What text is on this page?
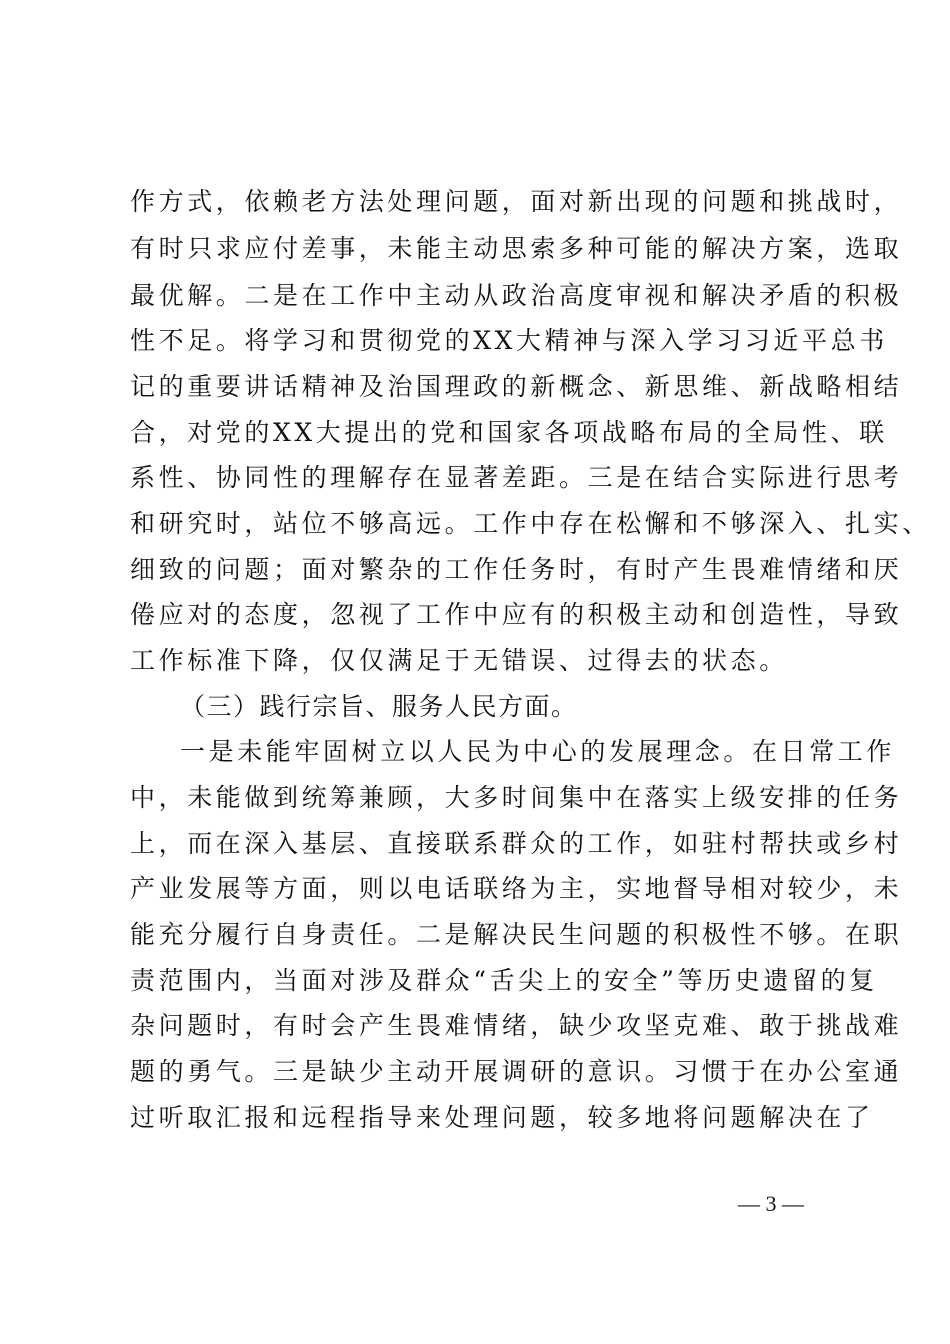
作方式，依赖老方法处理问题，面对新出现的问题和挑战时，
有时只求应付差事，未能主动思索多种可能的解决方案，选取
最优解。二是在工作中主动从政治高度审视和解决矛盾的积极
性不足。将学习和贯彻党的XX大精神与深入学习习近平总书
记的重要讲话精神及治国理政的新概念、新思维、新战略相结
合，对党的XX大提出的党和国家各项战略布局的全局性、联
系性、协同性的理解存在显著差距。三是在结合实际进行思考
和研究时，站位不够高远。工作中存在松懈和不够深入、扎实、
细致的问题；面对繁杂的工作任务时，有时产生畏难情绪和厌
倦应对的态度，忽视了工作中应有的积极主动和创造性，导致
工作标准下降，仅仅满足于无错误、过得去的状态。
（三）践行宗旨、服务人民方面。
一是未能牢固树立以人民为中心的发展理念。在日常工作
中，未能做到统筹兼顾，大多时间集中在落实上级安排的任务
上，而在深入基层、直接联系群众的工作，如驻村帮扶或乡村
产业发展等方面，则以电话联络为主，实地督导相对较少，未
能充分履行自身责任。二是解决民生问题的积极性不够。在职
责范围内，当面对涉及群众“舌尖上的安全”等历史遗留的复
杂问题时，有时会产生畏难情绪，缺少攻坚克难、敢于挑战难
题的勇气。三是缺少主动开展调研的意识。习惯于在办公室通
过听取汇报和远程指导来处理问题，较多地将问题解决在了
— 3 —
